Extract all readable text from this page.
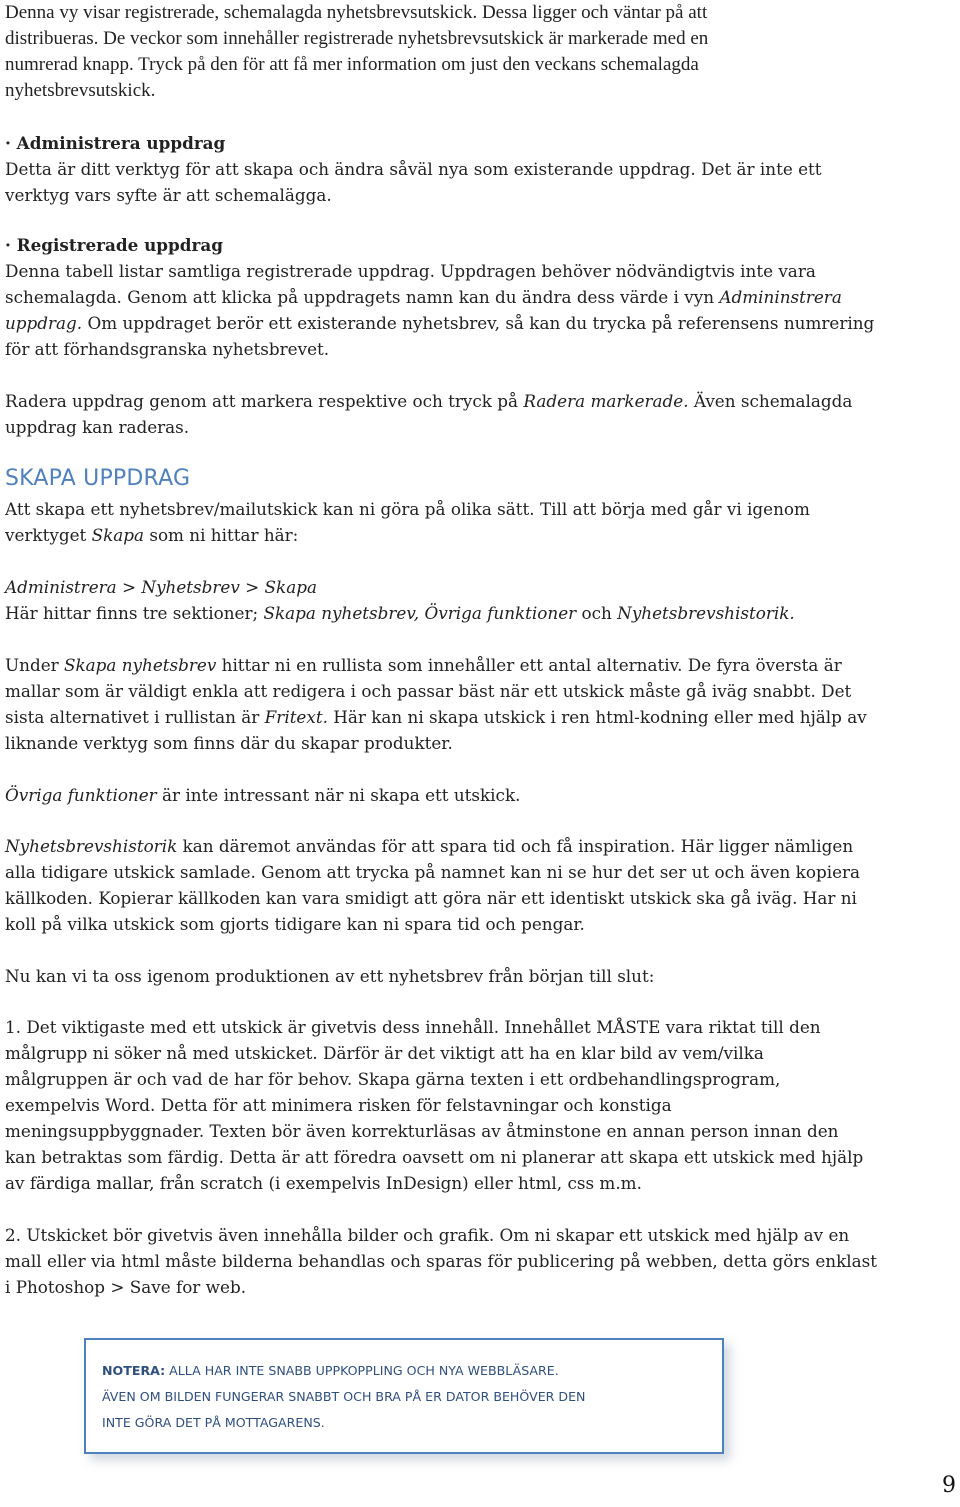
Denna vy visar registrerade, schemalagda nyhetsbrevsutskick. Dessa ligger och väntar på att
distribueras. De veckor som innehåller registrerade nyhetsbrevsutskick är markerade med en
numrerad knapp. Tryck på den för att få mer information om just den veckans schemalagda
nyhetsbrevsutskick.
· Administrera uppdrag
Detta är ditt verktyg för att skapa och ändra såväl nya som existerande uppdrag. Det är inte ett
verktyg vars syfte är att schemalägga.
· Registrerade uppdrag
Denna tabell listar samtliga registrerade uppdrag. Uppdragen behöver nödvändigtvis inte vara
schemalagda. Genom att klicka på uppdragets namn kan du ändra dess värde i vyn Admininstrera
uppdrag. Om uppdraget berör ett existerande nyhetsbrev, så kan du trycka på referensens numrering
för att förhandsgranska nyhetsbrevet.
Radera uppdrag genom att markera respektive och tryck på Radera markerade. Även schemalagda
uppdrag kan raderas.
SKAPA UPPDRAG
Att skapa ett nyhetsbrev/mailutskick kan ni göra på olika sätt. Till att börja med går vi igenom
verktyget Skapa som ni hittar här:
Administrera > Nyhetsbrev > Skapa
Här hittar finns tre sektioner; Skapa nyhetsbrev, Övriga funktioner och Nyhetsbrevshistorik.
Under Skapa nyhetsbrev hittar ni en rullista som innehåller ett antal alternativ. De fyra översta är
mallar som är väldigt enkla att redigera i och passar bäst när ett utskick måste gå iväg snabbt. Det
sista alternativet i rullistan är Fritext. Här kan ni skapa utskick i ren html-kodning eller med hjälp av
liknande verktyg som finns där du skapar produkter.
Övriga funktioner är inte intressant när ni skapa ett utskick.
Nyhetsbrevshistorik kan däremot användas för att spara tid och få inspiration. Här ligger nämligen
alla tidigare utskick samlade. Genom att trycka på namnet kan ni se hur det ser ut och även kopiera
källkoden. Kopierar källkoden kan vara smidigt att göra när ett identiskt utskick ska gå iväg. Har ni
koll på vilka utskick som gjorts tidigare kan ni spara tid och pengar.
Nu kan vi ta oss igenom produktionen av ett nyhetsbrev från början till slut:
1. Det viktigaste med ett utskick är givetvis dess innehåll. Innehållet MÅSTE vara riktat till den
målgrupp ni söker nå med utskicket. Därför är det viktigt att ha en klar bild av vem/vilka
målgruppen är och vad de har för behov. Skapa gärna texten i ett ordbehandlingsprogram,
exempelvis Word. Detta för att minimera risken för felstavningar och konstiga
meningsuppbyggnader. Texten bör även korrekturläsas av åtminstone en annan person innan den
kan betraktas som färdig. Detta är att föredra oavsett om ni planerar att skapa ett utskick med hjälp
av färdiga mallar, från scratch (i exempelvis InDesign) eller html, css m.m.
2. Utskicket bör givetvis även innehålla bilder och grafik. Om ni skapar ett utskick med hjälp av en
mall eller via html måste bilderna behandlas och sparas för publicering på webben, detta görs enklast
i Photoshop > Save for web.
NOTERA: ALLA HAR INTE SNABB UPPKOPPLING OCH NYA WEBBLÄSARE.
ÄVEN OM BILDEN FUNGERAR SNABBT OCH BRA PÅ ER DATOR BEHÖVER DEN
INTE GÖRA DET PÅ MOTTAGARENS.
9
